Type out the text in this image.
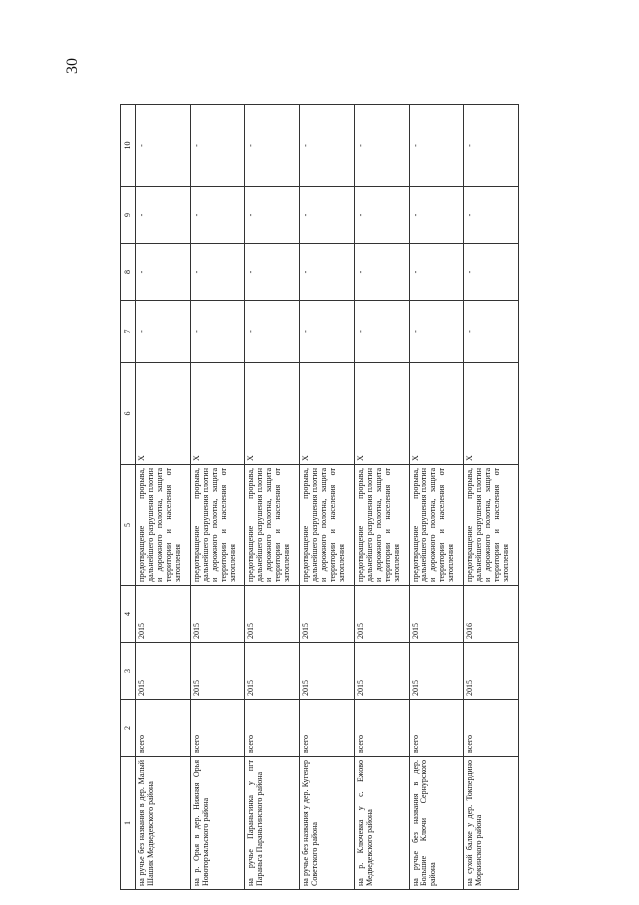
30
1	2	3	4	5	6	7	8	9	10
на ручье без названия в дер. Малый Шашик Медведевского района	всего	2015	2015	предотвращение прорыва, дальнейшего разрушения плотин и дорожного полотна, защита территории и населения от затопления	X	-	-	-	-
на р. Орья в дер. Нижняя Орья Новоторъяльского района	всего	2015	2015	предотвращение прорыва, дальнейшего разрушения плотин и дорожного полотна, защита территории и населения от затопления	X	-	-	-	-
на ручье Параньгинка у пгт Параньга Параньгинского района	всего	2015	2015	предотвращение прорыва, дальнейшего разрушения плотин и дорожного полотна, защита территории и населения от затопления	X	-	-	-	-
на ручье без названия у дер. Кугенер Советского района	всего	2015	2015	предотвращение прорыва, дальнейшего разрушения плотин и дорожного полотна, защита территории и населения от затопления	X	-	-	-	-
на р. Ключевка у с. Ежово Медведевского района	всего	2015	2015	предотвращение прорыва, дальнейшего разрушения плотин и дорожного полотна, защита территории и населения от затопления	X	-	-	-	-
на ручье без названия в дер. Большие Ключи Сернурского района	всего	2015	2015	предотвращение прорыва, дальнейшего разрушения плотин и дорожного полотна, защита территории и населения от затопления	X	-	-	-	-
на сухой балке у дер. Токпердино Моркинского района	всего	2015	2016	предотвращение прорыва, дальнейшего разрушения плотин и дорожного полотна, защита территории и населения от затопления	X	-	-	-	-
